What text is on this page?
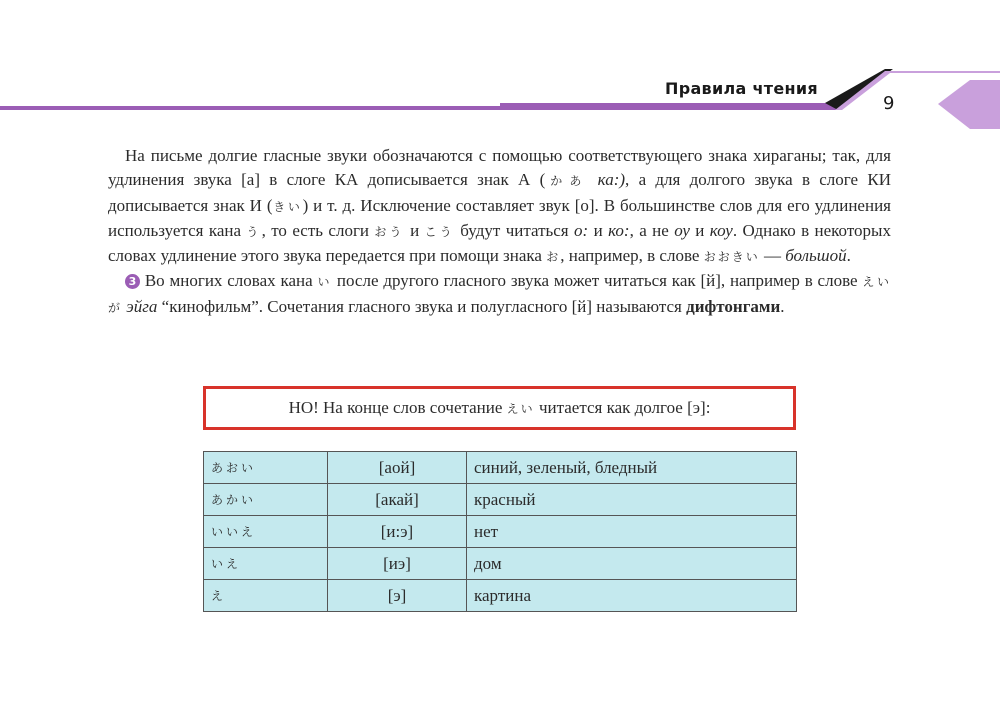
Правила чтения
9

На письме долгие гласные звуки обозначаются с помощью соответствующего знака хираганы; так, для удлинения звука [а] в слоге КА дописывается знак А (かあ ка:), а для долгого звука в слоге КИ дописывается знак И (きい) и т. д. Исключение составляет звук [о]. В большинстве слов для его удлинения используется кана う, то есть слоги おう и こう будут читаться о: и ко:, а не оу и коу. Однако в некоторых словах удлинение этого звука передается при помощи знака お, например, в слове おおきい — большой.

3 Во многих словах кана い после другого гласного звука может читаться как [й], например в слове えいが эйга “кинофильм”. Сочетания гласного звука и полугласного [й] называются дифтонгами.

НО! На конце слов сочетание えい читается как долгое [э]:
あおい	[аой]	синий, зеленый, бледный
あかい	[акай]	красный
いいえ	[и:э]	нет
いえ	[иэ]	дом
え	[э]	картина
